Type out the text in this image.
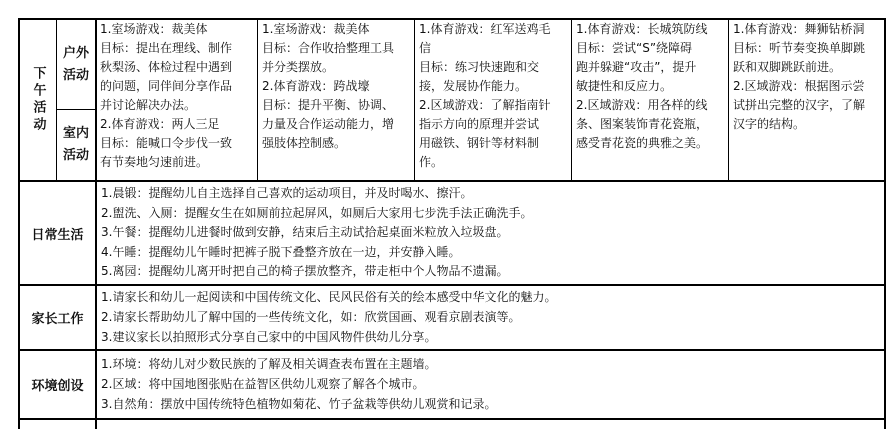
下午活动
户外
活动
室内
活动

1.室场游戏：裁美体

目标：提出在理线、制作

秋梨汤、体检过程中遇到

的问题，同伴间分享作品

并讨论解决办法。

2.体育游戏：两人三足

目标：能喊口令步伐一致

有节奏地匀速前进。

1.室场游戏：裁美体

目标：合作收拾整理工具

并分类摆放。

2.体育游戏：跨战壕

目标：提升平衡、协调、

力量及合作运动能力，增

强肢体控制感。

1.体育游戏：红军送鸡毛

信

目标：练习快速跑和交

接，发展协作能力。

2.区域游戏：了解指南针

指示方向的原理并尝试

用磁铁、钢针等材料制

作。

1.体育游戏：长城筑防线

目标：尝试“S”绕障碍

跑并躲避“攻击”，提升

敏捷性和反应力。

2.区域游戏：用各样的线

条、图案装饰青花瓷瓶，

感受青花瓷的典雅之美。

1.体育游戏：舞狮钻桥洞

目标：听节奏变换单脚跳

跃和双脚跳跃前进。

2.区域游戏：根据图示尝

试拼出完整的汉字，了解

汉字的结构。

日常生活

1.晨锻：提醒幼儿自主选择自己喜欢的运动项目，并及时喝水、擦汗。

2.盥洗、入厕：提醒女生在如厕前拉起屏风，如厕后大家用七步洗手法正确洗手。

3.午餐：提醒幼儿进餐时做到安静，结束后主动试拾起桌面米粒放入垃圾盘。

4.午睡：提醒幼儿午睡时把裤子脱下叠整齐放在一边，并安静入睡。

5.离园：提醒幼儿离开时把自己的椅子摆放整齐，带走柜中个人物品不遗漏。

家长工作

1.请家长和幼儿一起阅读和中国传统文化、民风民俗有关的绘本感受中华文化的魅力。

2.请家长帮助幼儿了解中国的一些传统文化，如：欣赏国画、观看京剧表演等。

3.建议家长以拍照形式分享自己家中的中国风物件供幼儿分享。

环境创设

1.环境：将幼儿对少数民族的了解及相关调查表布置在主题墙。

2.区域：将中国地图张贴在益智区供幼儿观察了解各个城市。

3.自然角：摆放中国传统特色植物如菊花、竹子盆栽等供幼儿观赏和记录。
